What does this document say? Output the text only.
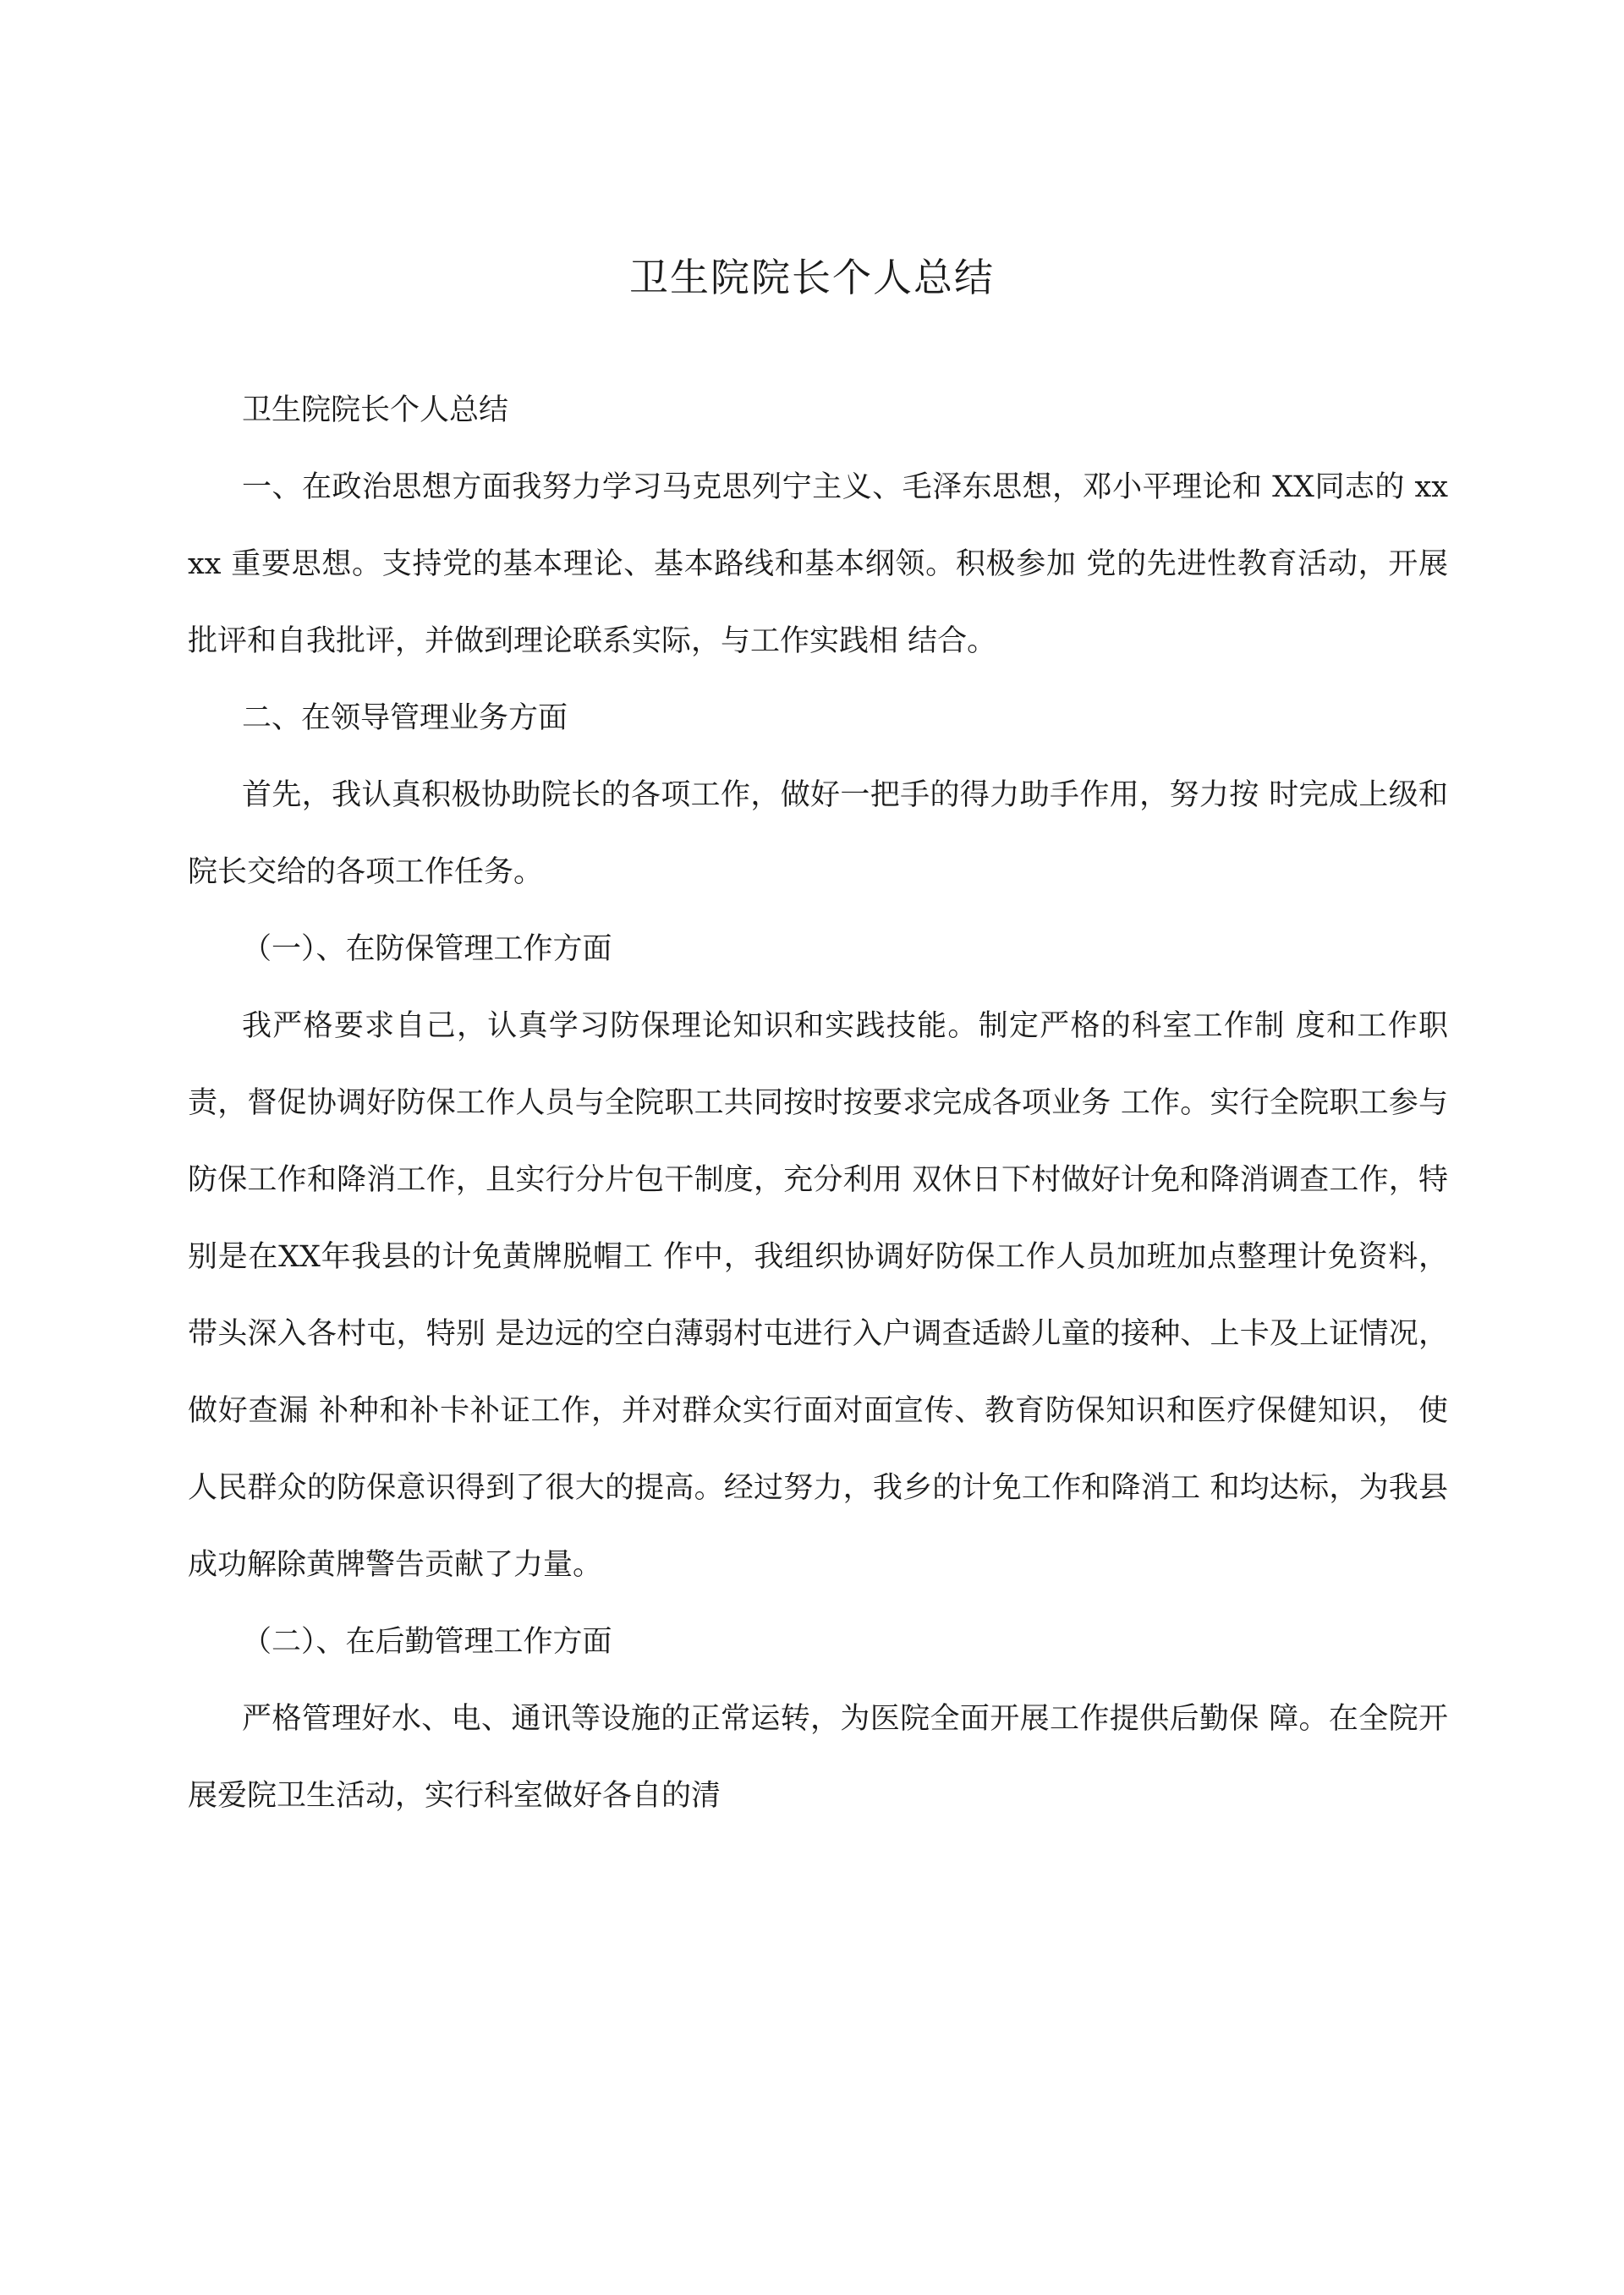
卫生院院长个人总结

卫生院院长个人总结

一、在政治思想方面我努力学习马克思列宁主义、毛泽东思想，邓小平理论和 XX同志的 xxxx 重要思想。支持党的基本理论、基本路线和基本纲领。积极参加 党的先进性教育活动，开展批评和自我批评，并做到理论联系实际，与工作实践相 结合。

二、在领导管理业务方面

首先，我认真积极协助院长的各项工作，做好一把手的得力助手作用，努力按 时完成上级和院长交给的各项工作任务。

（一）、在防保管理工作方面

我严格要求自己，认真学习防保理论知识和实践技能。制定严格的科室工作制 度和工作职责，督促协调好防保工作人员与全院职工共同按时按要求完成各项业务 工作。实行全院职工参与防保工作和降消工作，且实行分片包干制度，充分利用 双休日下村做好计免和降消调查工作，特别是在XX年我县的计免黄牌脱帽工 作中，我组织协调好防保工作人员加班加点整理计免资料，带头深入各村屯，特别 是边远的空白薄弱村屯进行入户调查适龄儿童的接种、上卡及上证情况，做好查漏 补种和补卡补证工作，并对群众实行面对面宣传、教育防保知识和医疗保健知识， 使人民群众的防保意识得到了很大的提高。经过努力，我乡的计免工作和降消工 和均达标，为我县成功解除黄牌警告贡献了力量。

（二）、在后勤管理工作方面

严格管理好水、电、通讯等设施的正常运转，为医院全面开展工作提供后勤保 障。在全院开展爱院卫生活动，实行科室做好各自的清
